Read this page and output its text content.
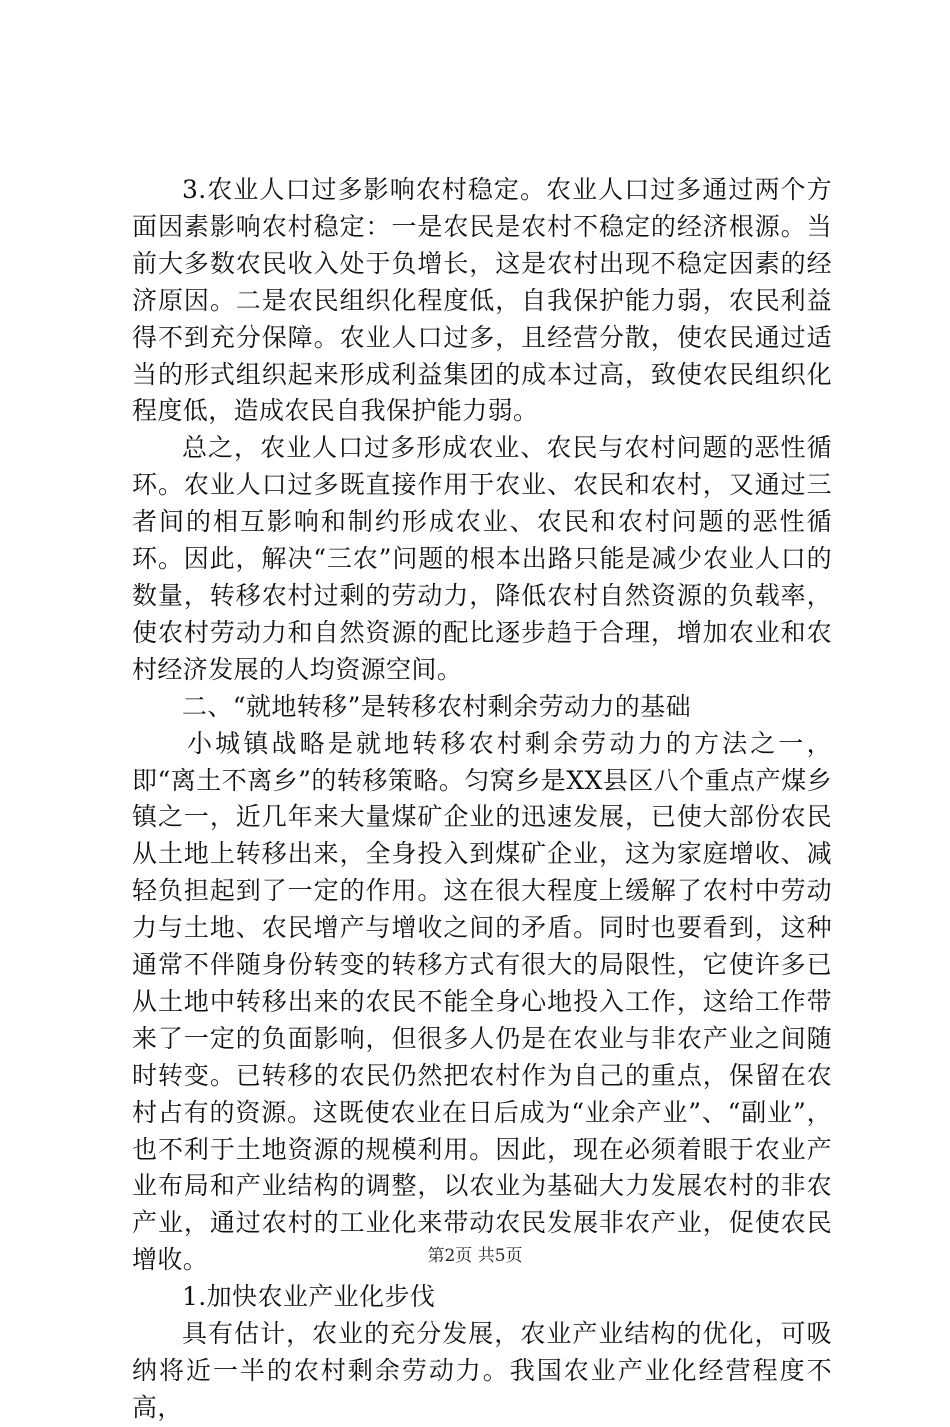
3.农业人口过多影响农村稳定。农业人口过多通过两个方面因素影响农村稳定：一是农民是农村不稳定的经济根源。当前大多数农民收入处于负增长，这是农村出现不稳定因素的经济原因。二是农民组织化程度低，自我保护能力弱，农民利益得不到充分保障。农业人口过多，且经营分散，使农民通过适当的形式组织起来形成利益集团的成本过高，致使农民组织化程度低，造成农民自我保护能力弱。

总之，农业人口过多形成农业、农民与农村问题的恶性循环。农业人口过多既直接作用于农业、农民和农村，又通过三者间的相互影响和制约形成农业、农民和农村问题的恶性循环。因此，解决“三农”问题的根本出路只能是减少农业人口的数量，转移农村过剩的劳动力，降低农村自然资源的负载率，使农村劳动力和自然资源的配比逐步趋于合理，增加农业和农村经济发展的人均资源空间。

二、“就地转移”是转移农村剩余劳动力的基础

小城镇战略是就地转移农村剩余劳动力的方法之一，即“离土不离乡”的转移策略。匀窝乡是XX县区八个重点产煤乡镇之一，近几年来大量煤矿企业的迅速发展，已使大部份农民从土地上转移出来，全身投入到煤矿企业，这为家庭增收、减轻负担起到了一定的作用。这在很大程度上缓解了农村中劳动力与土地、农民增产与增收之间的矛盾。同时也要看到，这种通常不伴随身份转变的转移方式有很大的局限性，它使许多已从土地中转移出来的农民不能全身心地投入工作，这给工作带来了一定的负面影响，但很多人仍是在农业与非农产业之间随时转变。已转移的农民仍然把农村作为自己的重点，保留在农村占有的资源。这既使农业在日后成为“业余产业”、“副业”，也不利于土地资源的规模利用。因此，现在必须着眼于农业产业布局和产业结构的调整，以农业为基础大力发展农村的非农产业，通过农村的工业化来带动农民发展非农产业，促使农民增收。

1.加快农业产业化步伐

具有估计，农业的充分发展，农业产业结构的优化，可吸纳将近一半的农村剩余劳动力。我国农业产业化经营程度不高，

第2页 共5页
